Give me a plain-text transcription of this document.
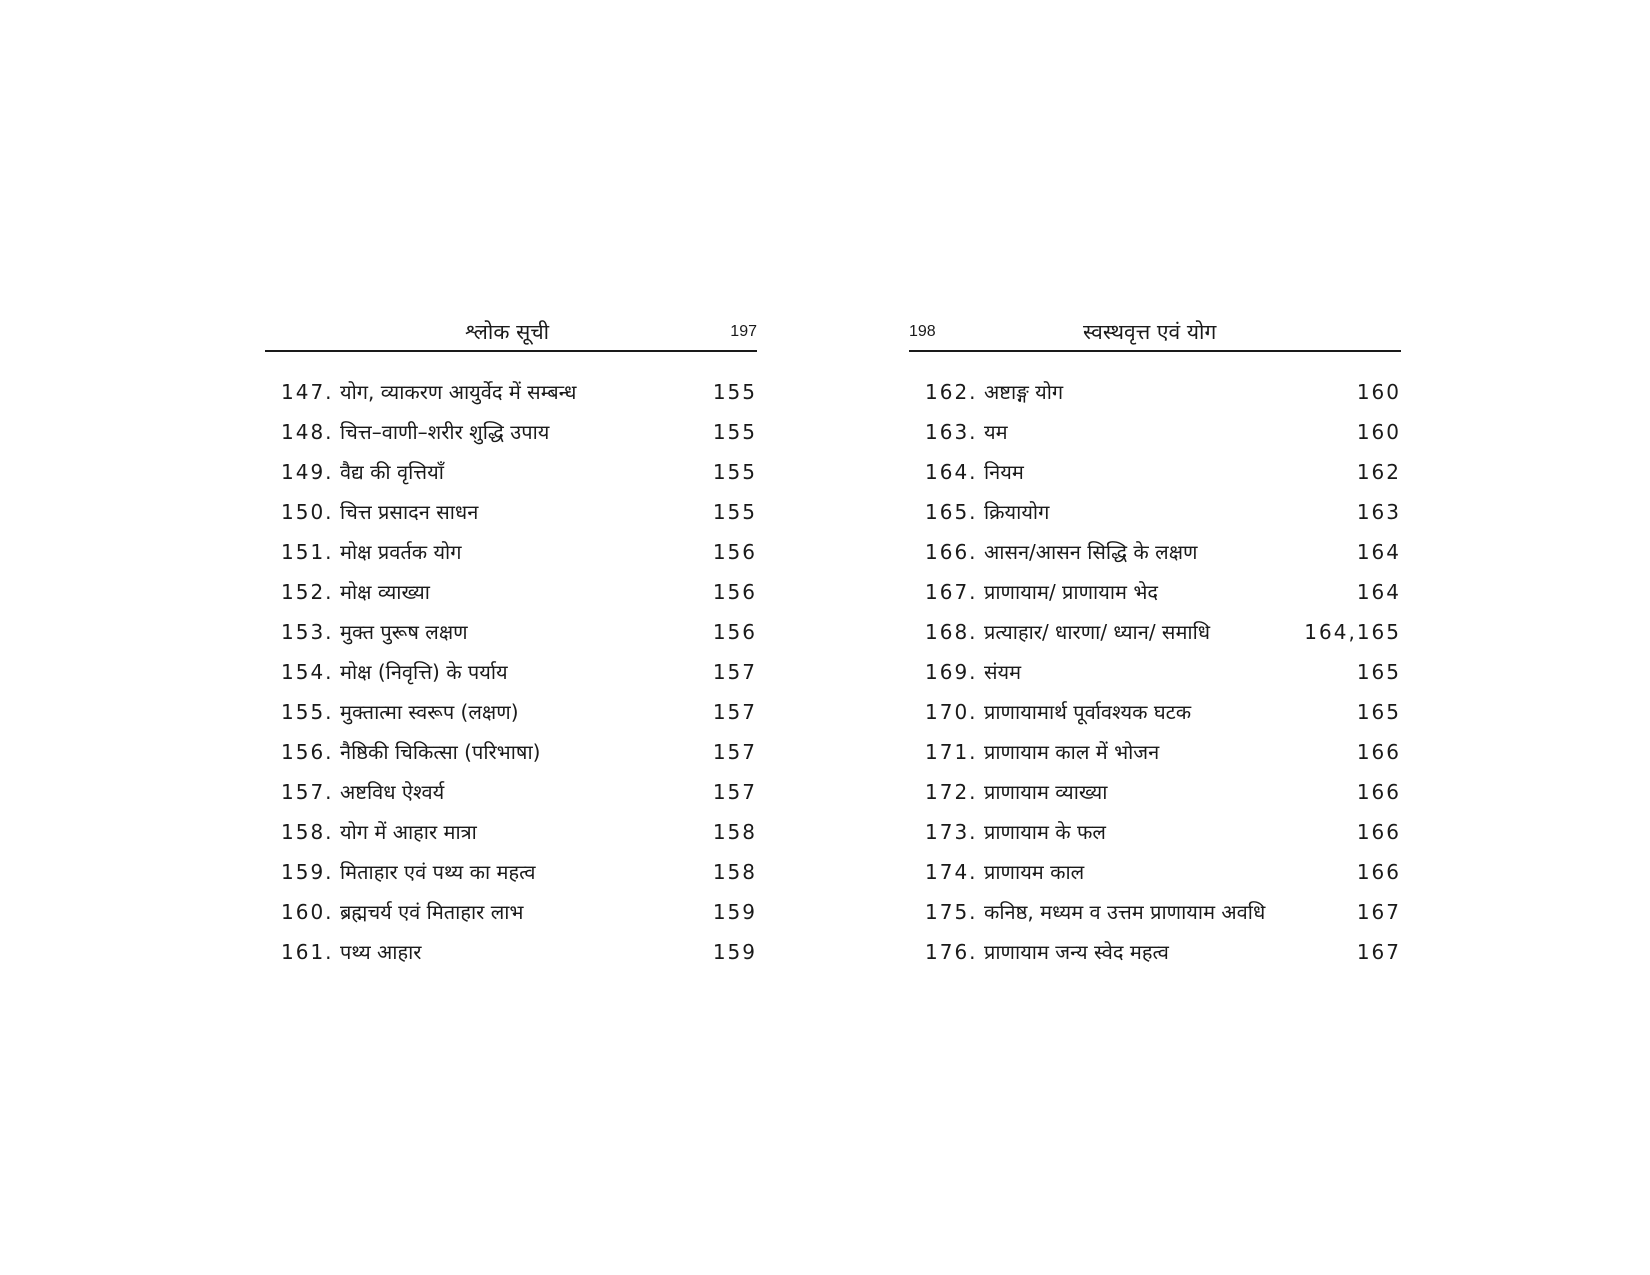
श्लोक सूची	197
147. योग, व्याकरण आयुर्वेद में सम्बन्ध	155
148. चित्त–वाणी–शरीर शुद्धि उपाय	155
149. वैद्य की वृत्तियाँ	155
150. चित्त प्रसादन साधन	155
151. मोक्ष प्रवर्तक योग	156
152. मोक्ष व्याख्या	156
153. मुक्त पुरूष लक्षण	156
154. मोक्ष (निवृत्ति) के पर्याय	157
155. मुक्तात्मा स्वरूप (लक्षण)	157
156. नैष्ठिकी चिकित्सा (परिभाषा)	157
157. अष्टविध ऐश्वर्य	157
158. योग में आहार मात्रा	158
159. मिताहार एवं पथ्य का महत्व	158
160. ब्रह्मचर्य एवं मिताहार लाभ	159
161. पथ्य आहार	159
198	स्वस्थवृत्त एवं योग
162. अष्टाङ्ग योग	160
163. यम	160
164. नियम	162
165. क्रियायोग	163
166. आसन/आसन सिद्धि के लक्षण	164
167. प्राणायाम/ प्राणायाम भेद	164
168. प्रत्याहार/ धारणा/ ध्यान/ समाधि	164,165
169. संयम	165
170. प्राणायामार्थ पूर्वावश्यक घटक	165
171. प्राणायाम काल में भोजन	166
172. प्राणायाम व्याख्या	166
173. प्राणायाम के फल	166
174. प्राणायम काल	166
175. कनिष्ठ, मध्यम व उत्तम प्राणायाम अवधि	167
176. प्राणायाम जन्य स्वेद महत्व	167
